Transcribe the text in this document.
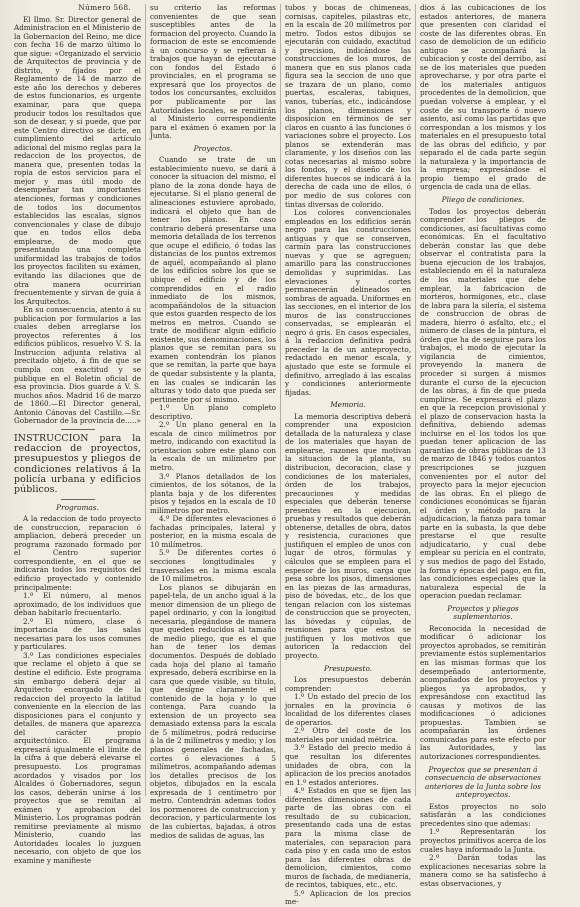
Número 568.

El Ilmo. Sr. Director general de Administracion en el Ministerio de la Gobernacion del Reino, me dice con fecha 16 de marzo último lo que sigue: «Organizado el servicio de Arquitectos de provincia y de distrito, y fijados por el Reglamento de 14 de marzo de este año los derechos y deberes de estos funcionarios, es urgente examinar, para que quepa producir todos los resultados que son de desear, y si puede, que por este Centro directivo se dicte, en cumplimiento del artículo adicional del mismo reglas para la redaccion de los proyectos, de manera que, presenten todas la ropia de estos servicios para el mejor y mas útil modo de desempeñar tan importantes atenciones, formas y condiciones de todos los documentos establecidos las escalas, signos convencionales y clase de dibujo que en todos ellos deba emplearse, de modo que presentando una completa uniformidad las trabajos de todos los proyectos faciliten su exámen, evitando las dilaciones que de otra manera ocurririan frecuentemente y sirvan de guia á los Arquitectos.

En su consecuencia, atento á su publicacion por formularios a las cuales deben arreglarse los proyectos referentes á los edificios públicos, resuelvo V. S. la Instruccion adjunta relativa al precitado objeto, á fin de que se cumpla con exactitud y se publique en el Boletin oficial de esa provincia. Dios guarde á V. S. muchos años. Madrid 16 de marzo de 1860.—El Director general, Antonio Cánovas del Castillo.—Sr. Gobernador de la provincia de.....»

INSTRUCCION para la redaccion de proyectos, presupuestos y pliegos de condiciones relativos á la policía urbana y edificios públicos.
Programas.

A la redaccion de todo proyecto de construccion, reparacion ó ampliacion, deberá preceder un programa razonado formado por el Centro superior correspondiente, en el que se indicarán todos los requisitos del edificio proyectado y contenido principalmente:

1.º El número, al menos aproximado, de los individuos que deban habitarlo frecuentarlo.

2.º El número, clase ó importancia de las salas necesarias para los usos comunes y particulares.

3.º Las condiciones especiales que reclame el objeto á que se destine el edificio. Este programa sin embargo deberá dejar al Arquitecto encargado de la redaccion del proyecto la latitud conveniente en la eleccion de las disposiciones para el conjunto y detalles, de manera que aparezca del carácter propio arquitectónico. El programa expresará igualmente el límite de la cifra á que deberá elevarse el presupuesto. Los programas acordados y visados por los Alcaldes ó Gobernadores, segun los casos, deberán unirse á los proyectos que se remitan al exámen y aprobacion del Ministerio. Los programas podrán remitirse previamente al mismo Ministerio, cuando las Autoridades locales lo juzguen necesario, con objeto de que los examine y manifieste

su criterio las reformas convenientes de que sean susceptibles antes de la formacion del proyecto. Cuando la formacion de este se encomiende á un concurso y se refieran á trabajos que hayan de ejecutarse con fondos del Estado ó provinciales, en el programa se expresará que los proyectos de todos los concursantes, excluidos por publicamente por las Autoridades locales, se remitirán al Ministerio correspondiente para el exámen ó examen por la Junta.

Proyectos.

Cuando se trate de un establecimiento nuevo, se dará á conocer la situacion del mismo, el plano de la zona donde haya de ejecutarse. Si el plano general de alineaciones estuviere aprobado, indicará el objeto que han de tener los planos. En caso contrario deberá presentarse una memoria detallada de los terrenos que ocupe el edificio, ó todas las distancias de los puntos extremos de aquél, acompañando al plano de los edificios sobre los que se ubique el edificio y de los comprendidos en el radio inmediato de los mismos, acompañándolos de la situacion que estos guarden respecto de los metros en metros. Cuando se trate de modificar algun edificio existente, sus denominaciones, los planos que se remitan para su examen contendrán los planos que se remitan, la parte que haya de quedar subsistente y la planta, en las cuales se indicarán las alturas y todo dato que pueda ser pertinente por sí mismo.

1.º Un plano completo descriptivo.

2.º Un plano general en la escala de cinco milímetros por metro, indicando con exactitud la orientacion sobre este plano con la escala de un milímetro por metro.

3.º Planos detallados de los cimientos, de los sótanos, de la planta baja y de los diferentes pisos y tejados en la escala de 10 milímetros por metro.

4.º De diferentes elevaciones ó fachadas principales, lateral y posterior, en la misma escala de 10 milímetros.

5.º De diferentes cortes ó secciones longitudinales y trasversales en la misma escala de 10 milímetros.

Los planos se dibujarán en papel-tela, de un ancho igual á la menor dimension de un pliego de papel ordinario, y con la longitud necesaria, plegándose de manera que queden reducidos al tamaño de medio pliego, que es el que han de tener los demas documentos. Después de doblado cada hoja del plano al tamaño expresado, deberá escribirse en la cara que quede visible, su título, que designe claramente el contenido de la hoja y lo que contenga. Para cuando la extension de un proyecto sea demasiado extensa para la escala de 5 milímetros, podrá reducirse á la de 2 milímetros y medio; y los planos generales de fachadas, cortes ó elevaciones á 5 milímetros, acompañando ademas los detalles precisos de los objetos, dibujados en la escala expresada de 1 centímetro por metro. Contendrán ademas todos los pormenores de construccion y decoracion, y particularmente los de las cubiertas, bajadas, á otros medios de salidas de aguas, las

tubos y bocas de chimeneas, cornisas, capiteles, pilastras etc, en la escala de 20 milímetros por metro. Todos estos dibujos se ejecutarán con cuidado, exactitud y precision, indicándose las construcciones de los muros, de manera que en sus planos cada figura sea la seccion de uno que se trazara de un plano, como puertas, escaleras, tabiques, vanos, tuberías, etc., indicándose los planos, dimensiones y disposicion en términos de ser claros en cuanto á las funciones ó variaciones sobre el proyecto. Los planos se extenderán mas claramente, y los diseños con las cotas necesarias al mismo sobre los fondos, y el diseño de los diferentes huecos se indicará á la derecha de cada uno de ellos, ó por medio de sus colores con tintas diversas de colorido.

Los colores convencionales empleados en los edificios serán negro para las construcciones antiguas y que se conserven, carmín para las construcciones nuevas y que se agreguen; amarillo para las construcciones demolidas y suprimidas. Las elevaciones y cortes permanecerán delineados en sombras de aguada. Uniformes en las secciones, en el interior de los muros de las construcciones conservadas, se emplearán el negro ó gris. En casos especiales, á la redaccion definitiva podrá preceder la de un anteproyecto, redactado en menor escala, y ajustado que este se formule el definitivo, arreglado á las escalas y condiciones anteriormente fijadas.

Memoria.

La memoria descriptiva deberá comprender una exposicion detallada de la naturaleza y clase de los materiales que hayan de emplearse, razones que motivan la situacion de la planta, su distribucion, decoracion, clase y condiciones de los materiales, órden de los trabajos, precauciones y medidas especiales que deberán tenerse presentes en la ejecucion, pruebas y resultados que deberán obtenerse, detalles de obra, datos y resistencia, curaciones que justifiquen el empleo de unos con lugar de otros, fórmulas y cálculos que se empleen para el espesor de los muros, carga que pesa sobre los pisos, dimensiones en las piezas de las armaduras, piso de bóvedas, etc., de los que tengan relacion con los sistemas de construccion que se proyecten, las bóvedas y cúpulas, de reuniones para que estos se justifiquen y los motivos que autoricen la redaccion del proyecto.

Presupuesto.

Los presupuestos deberán comprender:

1.º Un estado del precio de los jornales en la provincia ó localidad de los diferentes clases de operarios.

2.º Otro del coste de los materiales por unidad métrica.

3.º Estado del precio medio á que resultan los diferentes unidades de obra, con la aplicacion de los precios anotados en 1.º estados anteriores.

4.º Estados en que se fijen las diferentes dimensiones de cada parte de las obras con el resultado de su cubicacion, presentando cada una de estas para la misma clase de materiales, con separacion para cada piso y en cada uno de estos para las diferentes obras de demolicion, cimientos, como muros de fachada, de medianería, de recintos, tabiques, etc., etc.

5.º Aplicacion de los precios me-

dios á las cubicaciones de los estados anteriores, de manera que presenten con claridad el coste de las diferentes obras. En caso de demolicion de un edificio antiguo se acompañará la cubicacion y coste del derribo, así se de los materiales que pueden aprovecharse, y por otra parte el de los materiales antiguos procedentes de la demolicion, que puedan volverse á emplear, y el coste de su transporte ó nuevo asiento, así como las partidas que correspondan a los mismos y los materiales en el presupuesto total de las obras del edificio, y por separado el de cada parte según la naturaleza y la importancia de la empresa; expresándose el propio tiempo el grado de urgencia de cada una de ellas.

Pliego de condiciones.

Todos los proyectos deberán comprender los pliegos de condiciones, así facultativas como económicas. En el facultativo deberán constar las que debe observar el contratista para la buena ejecucion de los trabajos, estableciendo en él la naturaleza de los materiales que debe emplear, la fabricacion de morteros, hormigones, etc., clase de labra para la silería, el sistema de construccion de obras de madera, hierro ó asfalto, etc.; el número de clases de la pintura, el órden que ha de seguirse para los trabajos, el modo de ejecutar la vigilancia de cimientos, proveyendo la manera de proceder si surgen á mismos durante el curso de la ejecucion de las obras, á fin de que pueda cumplirse. Se expresará el plazo en que la recepcion provisional y el plazo de conservacion hasta la definitiva, debiendo ademas incluirse en el los todos los que puedan tener aplicacion de las garantías de obras públicas de 13 de marzo de 1846 y todos cuantos prescripciones se juzguen convenientes por el autor del proyecto para la mejor ejecucion de las obras. En el pliego de condiciones económicas se fijarán el órden y método para la adjudicacion, la fianza para tomar parte en la subasta, la que debe prestarse el que resulte adjudicatario, y cual debe emplear su pericia en el contrato, y sus medios de pago del Estado, la forma y épocas del pago, en fin, las condiciones especiales que la naturaleza especial de la operacion puedan reclamar.

Proyectos y pliegos suplementarios.

Reconocida la necesidad de modificar ó adicionar los proyectos aprobados, se remitirán previamente estos suplementarios en las mismas formas que los desempeñado anteriormente, acompañados de los proyectos y pliegos ya aprobados, y expresándose con exactitud las causas y motivos de las modificaciones ó adiciones propuestas. Tambien se acompañarán las órdenes comunicadas para este efecto por las Autoridades, y las autorizaciones correspondientes.

Proyectos que se presentan á consecuencia de observaciones anteriores de la Junta sobre los anteproyectos.

Estos proyectos no solo satisfarán a las condiciones precedentes sino que ademas:

1.º Representarán los proyectos primitivos acerca de los cuales haya informado la Junta.

2.º Darán todas las explicaciones necesarias sobre la manera como se ha satisfecho á estas observaciones, y
